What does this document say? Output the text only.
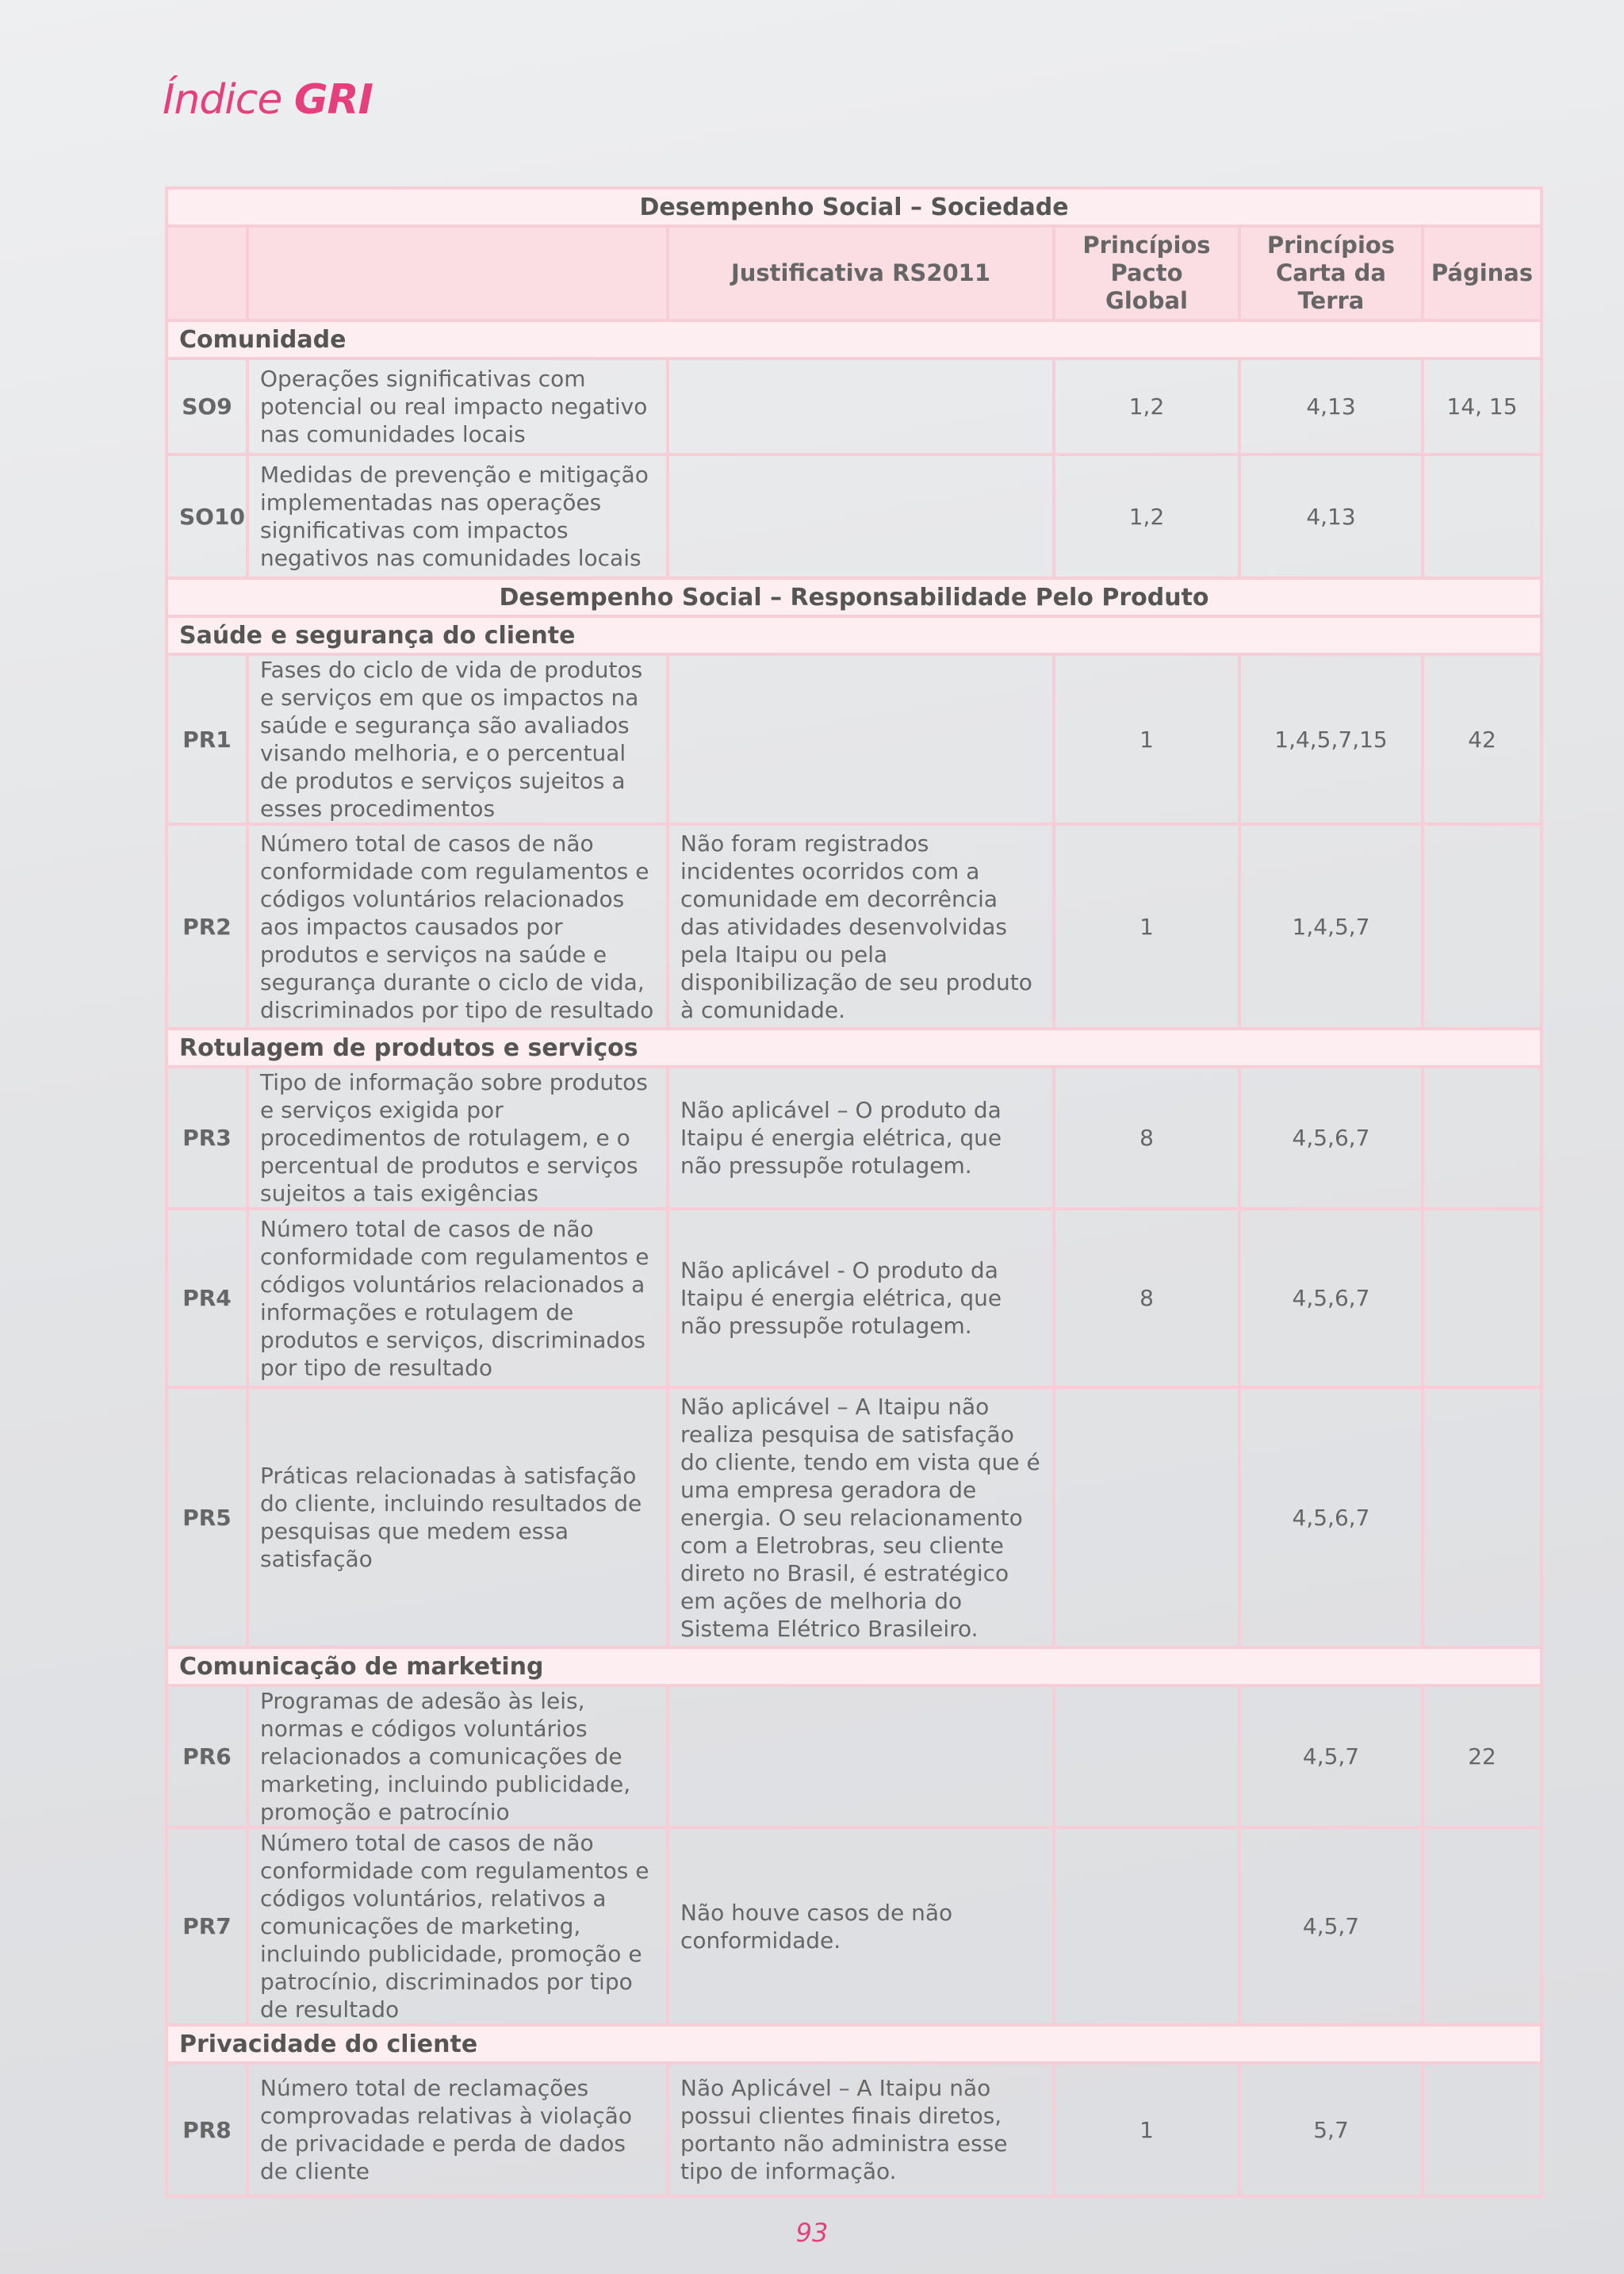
Índice GRI
Desempenho Social – Sociedade					
		Justificativa RS2011	Princípios Pacto Global	Princípios Carta da Terra	Páginas
Comunidade					
SO9	Operações significativas com potencial ou real impacto negativo nas comunidades locais		1,2	4,13	14, 15
SO10	Medidas de prevenção e mitigação implementadas nas operações significativas com impactos negativos nas comunidades locais		1,2	4,13	
Desempenho Social – Responsabilidade Pelo Produto					
Saúde e segurança do cliente					
PR1	Fases do ciclo de vida de produtos e serviços em que os impactos na saúde e segurança são avaliados visando melhoria, e o percentual de produtos e serviços sujeitos a esses procedimentos		1	1,4,5,7,15	42
PR2	Número total de casos de não conformidade com regulamentos e códigos voluntários relacionados aos impactos causados por produtos e serviços na saúde e segurança durante o ciclo de vida, discriminados por tipo de resultado	Não foram registrados incidentes ocorridos com a comunidade em decorrência das atividades desenvolvidas pela Itaipu ou pela disponibilização de seu produto à comunidade.	1	1,4,5,7	
Rotulagem de produtos e serviços					
PR3	Tipo de informação sobre produtos e serviços exigida por procedimentos de rotulagem, e o percentual de produtos e serviços sujeitos a tais exigências	Não aplicável – O produto da Itaipu é energia elétrica, que não pressupõe rotulagem.	8	4,5,6,7	
PR4	Número total de casos de não conformidade com regulamentos e códigos voluntários relacionados a informações e rotulagem de produtos e serviços, discriminados por tipo de resultado	Não aplicável - O produto da Itaipu é energia elétrica, que não pressupõe rotulagem.	8	4,5,6,7	
PR5	Práticas relacionadas à satisfação do cliente, incluindo resultados de pesquisas que medem essa satisfação	Não aplicável – A Itaipu não realiza pesquisa de satisfação do cliente, tendo em vista que é uma empresa geradora de energia. O seu relacionamento com a Eletrobras, seu cliente direto no Brasil, é estratégico em ações de melhoria do Sistema Elétrico Brasileiro.		4,5,6,7	
Comunicação de marketing					
PR6	Programas de adesão às leis, normas e códigos voluntários relacionados a comunicações de marketing, incluindo publicidade, promoção e patrocínio			4,5,7	22
PR7	Número total de casos de não conformidade com regulamentos e códigos voluntários, relativos a comunicações de marketing, incluindo publicidade, promoção e patrocínio, discriminados por tipo de resultado	Não houve casos de não conformidade.		4,5,7	
Privacidade do cliente					
PR8	Número total de reclamações comprovadas relativas à violação de privacidade e perda de dados de cliente	Não Aplicável – A Itaipu não possui clientes finais diretos, portanto não administra esse tipo de informação.	1	5,7	
93
